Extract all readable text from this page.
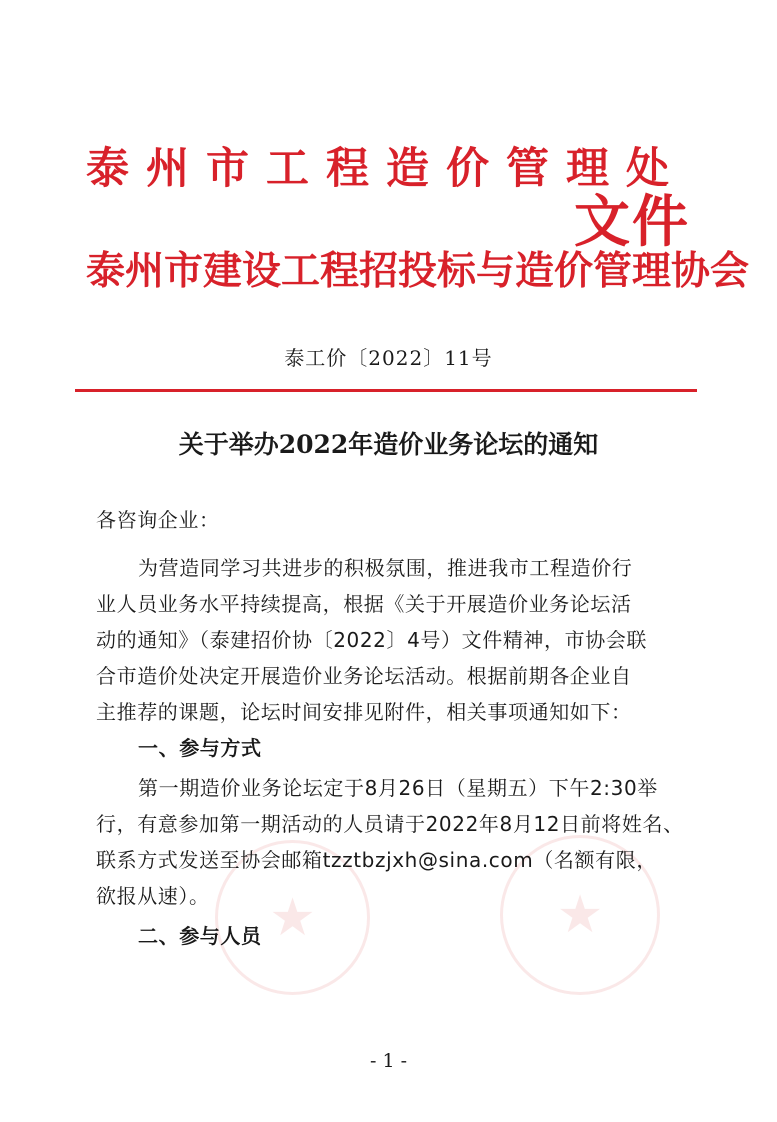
★	★
泰州市工程造价管理处
泰州市建设工程招投标与造价管理协会
文件
泰工价〔2022〕11号
关于举办2022年造价业务论坛的通知
各咨询企业：
为营造同学习共进步的积极氛围，推进我市工程造价行
业人员业务水平持续提高，根据《关于开展造价业务论坛活
动的通知》（泰建招价协〔2022〕4号）文件精神，市协会联
合市造价处决定开展造价业务论坛活动。根据前期各企业自
主推荐的课题，论坛时间安排见附件，相关事项通知如下：
一、参与方式
第一期造价业务论坛定于8月26日（星期五）下午2:30举
行，有意参加第一期活动的人员请于2022年8月12日前将姓名、
联系方式发送至协会邮箱tzztbzjxh@sina.com（名额有限，
欲报从速）。
二、参与人员
- 1 -
